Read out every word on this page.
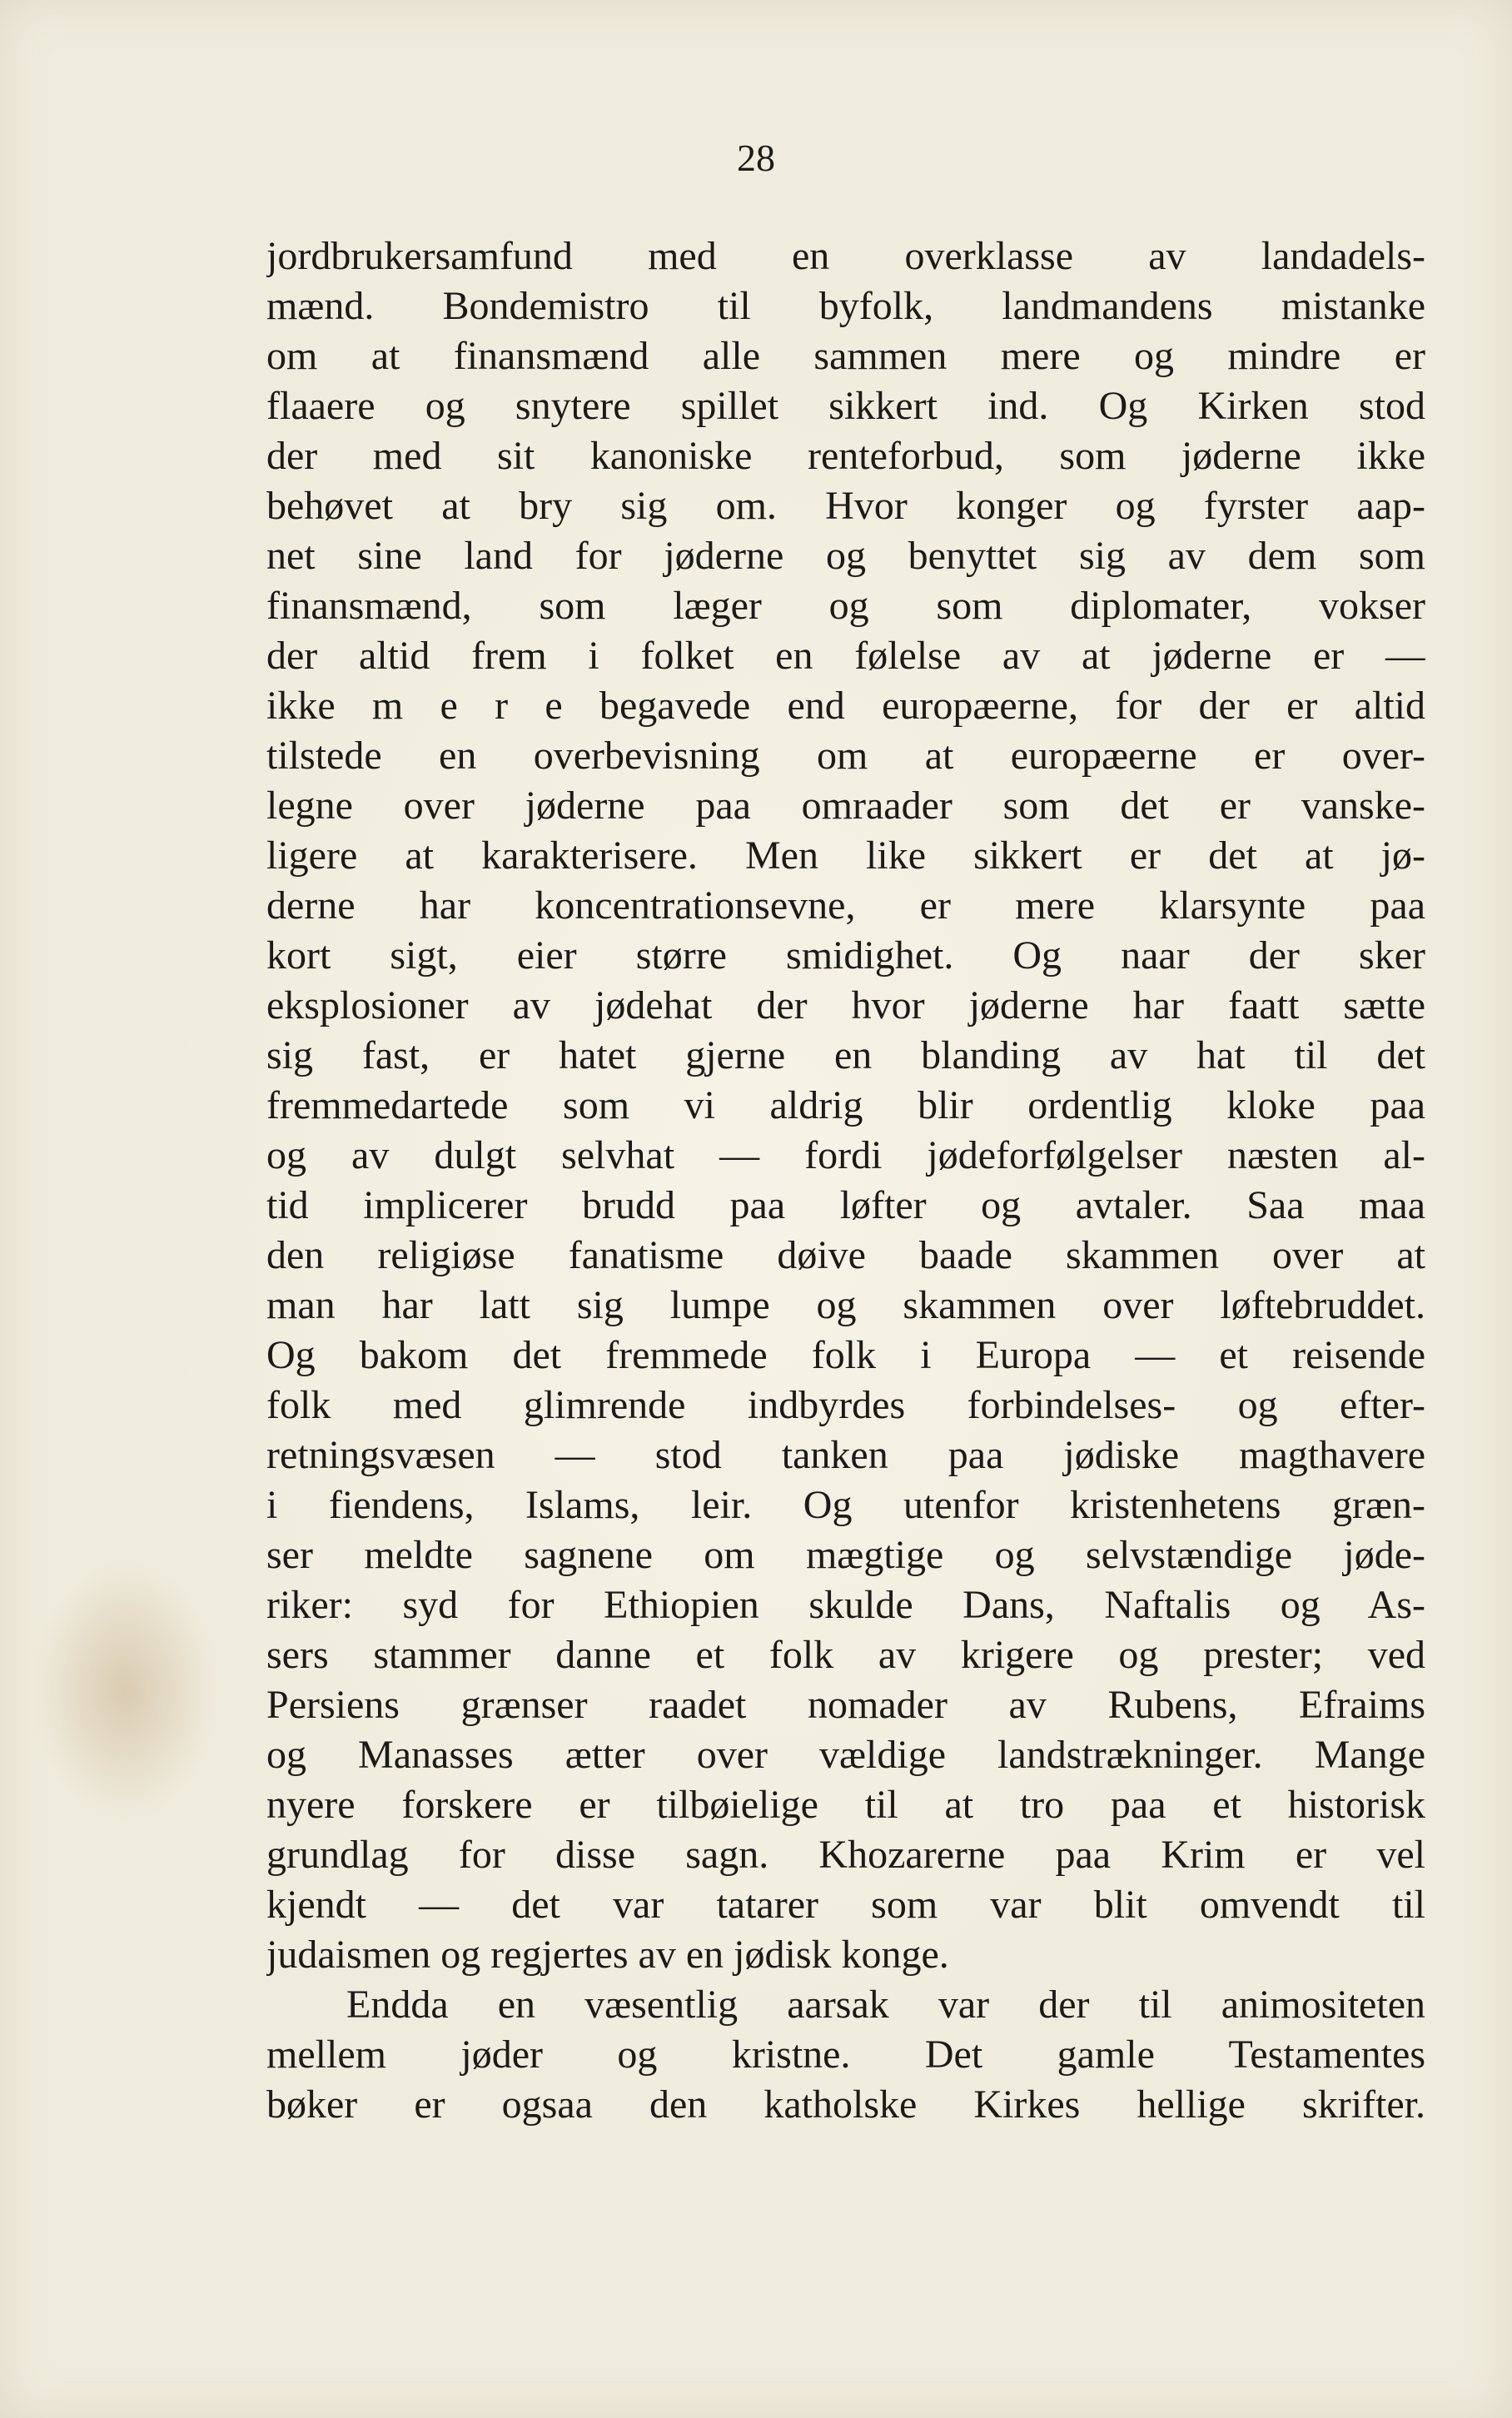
28
jordbrukersamfund med en overklasse av landadels-
mænd. Bondemistro til byfolk, landmandens mistanke
om at finansmænd alle sammen mere og mindre er
flaaere og snytere spillet sikkert ind. Og Kirken stod
der med sit kanoniske renteforbud, som jøderne ikke
behøvet at bry sig om. Hvor konger og fyrster aap-
net sine land for jøderne og benyttet sig av dem som
finansmænd, som læger og som diplomater, vokser
der altid frem i folket en følelse av at jøderne er —
ikke m e r e begavede end europæerne, for der er altid
tilstede en overbevisning om at europæerne er over-
legne over jøderne paa omraader som det er vanske-
ligere at karakterisere. Men like sikkert er det at jø-
derne har koncentrationsevne, er mere klarsynte paa
kort sigt, eier større smidighet. Og naar der sker
eksplosioner av jødehat der hvor jøderne har faatt sætte
sig fast, er hatet gjerne en blanding av hat til det
fremmedartede som vi aldrig blir ordentlig kloke paa
og av dulgt selvhat — fordi jødeforfølgelser næsten al-
tid implicerer brudd paa løfter og avtaler. Saa maa
den religiøse fanatisme døive baade skammen over at
man har latt sig lumpe og skammen over løftebruddet.
Og bakom det fremmede folk i Europa — et reisende
folk med glimrende indbyrdes forbindelses- og efter-
retningsvæsen — stod tanken paa jødiske magthavere
i fiendens, Islams, leir. Og utenfor kristenhetens græn-
ser meldte sagnene om mægtige og selvstændige jøde-
riker: syd for Ethiopien skulde Dans, Naftalis og As-
sers stammer danne et folk av krigere og prester; ved
Persiens grænser raadet nomader av Rubens, Efraims
og Manasses ætter over vældige landstrækninger. Mange
nyere forskere er tilbøielige til at tro paa et historisk
grundlag for disse sagn. Khozarerne paa Krim er vel
kjendt — det var tatarer som var blit omvendt til
judaismen og regjertes av en jødisk konge.
Endda en væsentlig aarsak var der til animositeten
mellem jøder og kristne. Det gamle Testamentes
bøker er ogsaa den katholske Kirkes hellige skrifter.
